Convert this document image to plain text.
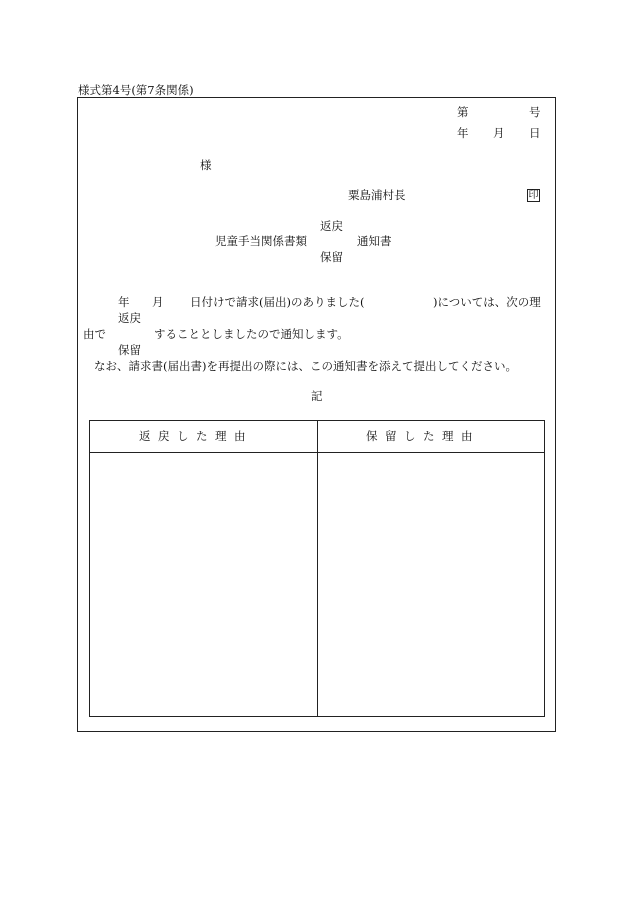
様式第4号(第7条関係)
第	号
年 月 日
様
粟島浦村長	印
返戻
児童手当関係書類	通知書
保留
年 月 日付けで請求(届出)のありました(	)については、次の理
返戻
由で	することとしましたので通知します。
保留
なお、請求書(届出書)を再提出の際には、この通知書を添えて提出してください。
記
返戻した理由	保留した理由
